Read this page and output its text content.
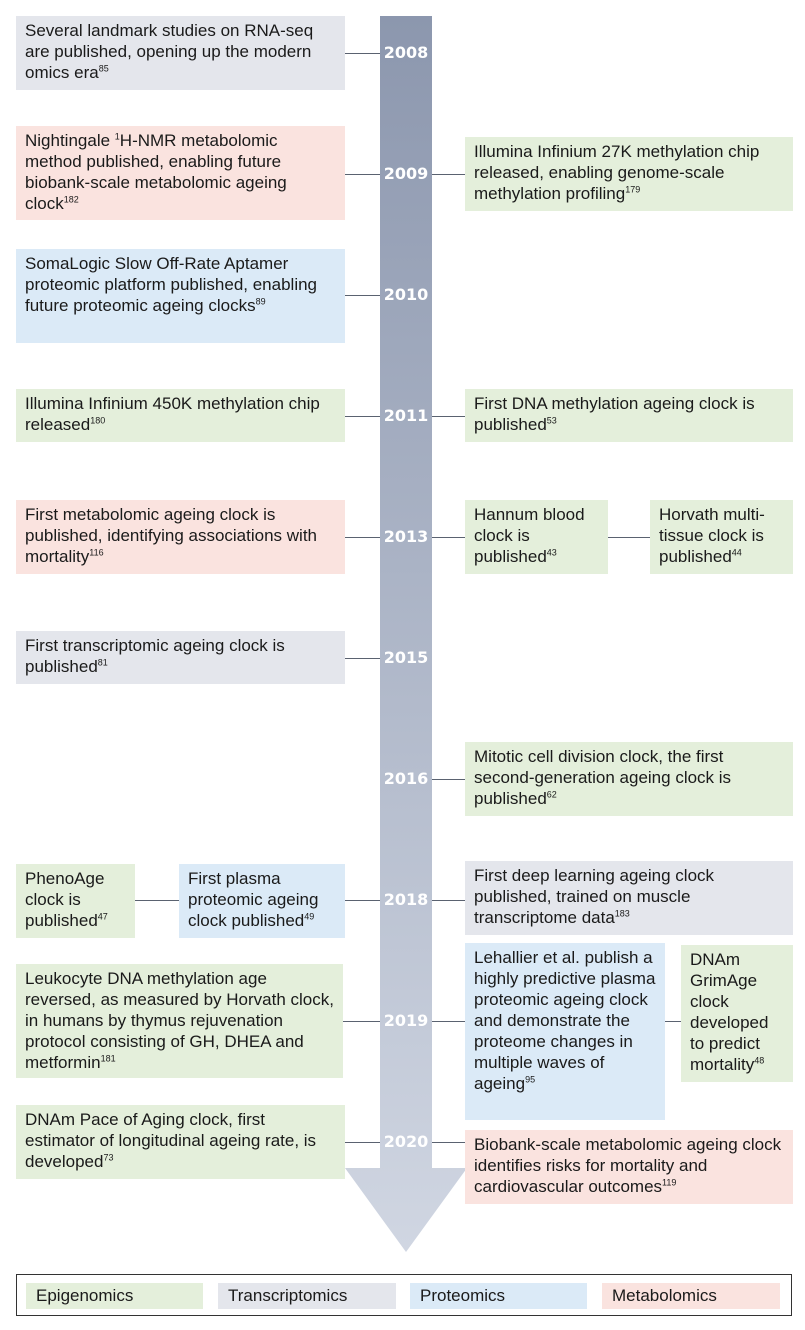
2008
2009
2010
2011
2013
2015
2016
2018
2019
2020
Several landmark studies on RNA-seq are published, opening up the modern omics era$^{85}$
Nightingale $^1$H-NMR metabolomic method published, enabling future biobank-scale metabolomic ageing clock$^{182}$
Illumina Infinium 27K methylation chip released, enabling genome-scale methylation profiling$^{179}$
SomaLogic Slow Off-Rate Aptamer proteomic platform published, enabling future proteomic ageing clocks$^{89}$
Illumina Infinium 450K methylation chip released$^{180}$
First DNA methylation ageing clock is published$^{53}$
First metabolomic ageing clock is published, identifying associations with mortality$^{116}$
Hannum blood clock is published$^{43}$
Horvath multi-tissue clock is published$^{44}$
First transcriptomic ageing clock is published$^{81}$
Mitotic cell division clock, the first second-generation ageing clock is published$^{62}$
PhenoAge clock is published$^{47}$
First plasma proteomic ageing clock published$^{49}$
First deep learning ageing clock published, trained on muscle transcriptome data$^{183}$
Leukocyte DNA methylation age reversed, as measured by Horvath clock, in humans by thymus rejuvenation protocol consisting of GH, DHEA and metformin$^{181}$
Lehallier et al. publish a highly predictive plasma proteomic ageing clock and demonstrate the proteome changes in multiple waves of ageing$^{95}$
DNAm GrimAge clock developed to predict mortality$^{48}$
DNAm Pace of Aging clock, first estimator of longitudinal ageing rate, is developed$^{73}$
Biobank-scale metabolomic ageing clock identifies risks for mortality and cardiovascular outcomes$^{119}$
Epigenomics	Transcriptomics	Proteomics	Metabolomics
